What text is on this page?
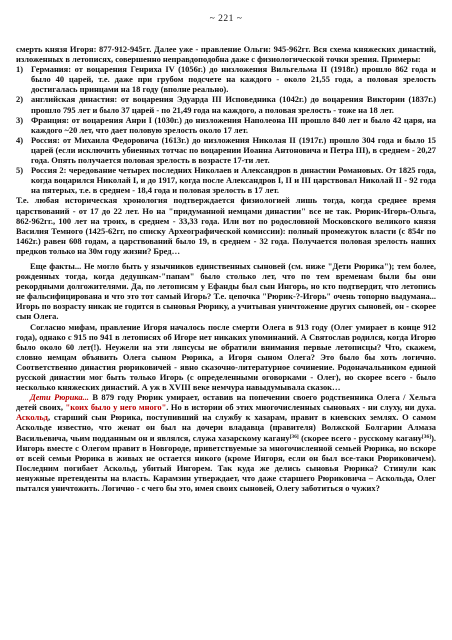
~ 221 ~

смерть князя Игоря: 877-912-945гг. Далее уже - правление Ольги: 945-962гг. Вся схема княжеских династий, изложенных в летописях, совершенно неправдоподобна даже с физиологической точки зрения. Примеры:

1) Германия: от воцарения Генриха IV (1056г.) до низложения Вильгельма II (1918г.) прошло 862 года и было 40 царей, т.е. даже при грубом подсчете на каждого - около 21,55 года, а половая зрелость достигалась принцами на 18 году (вполне реально).
2) английская династия: от воцарения Эдуарда III Исповедника (1042г.) до воцарения Виктории (1837г.) прошло 795 лет и было 37 царей - по 21,49 года на каждого, а половая зрелость - тоже на 18 лет.
3) Франция: от воцарения Анри I (1030г.) до низложения Наполеона III прошло 840 лет и было 42 царя, на каждого ~20 лет, что дает половую зрелость около 17 лет.
4) Россия: от Михаила Федоровича (1613г.) до низложения Николая II (1917г.) прошло 304 года и было 15 царей (если исключить убиенных тотчас по воцарении Иоанна Антоновича и Петра III), в среднем - 20,27 года. Опять получается половая зрелость в возрасте 17-ти лет.
5) Россия 2: чередование четырех последних Николаев и Александров в династии Романовых. От 1825 года, когда воцарился Николай I, и до 1917, когда после Александров I, II и III царствовал Николай II - 92 года на пятерых, т.е. в среднем - 18,4 года и половая зрелость в 17 лет.

Т.е. любая историческая хронология подтверждается физиологией лишь тогда, когда среднее время царствований - от 17 до 22 лет. Но на "придуманной немцами династии" все не так. Рюрик-Игорь-Ольга, 862-962гг., 100 лет на троих, в среднем - 33,33 года. Или вот по родословной Московского великого князя Василия Темного (1425-62гг, по списку Археографической комиссии): полный промежуток власти (с 854г по 1462г.) равен 608 годам, а царствований было 19, в среднем - 32 года. Получается половая зрелость наших предков только на 30м году жизни? Бред…

Еще факты... Не могло быть у язычников единственных сыновей (см. ниже "Дети Рюрика"); тем более, рожденных тогда, когда дедушкам-"папам" было столько лет, что по тем временам были бы они рекордными долгожителями. Да, по летописям у Ефанды был сын Ингорь, но кто подтвердит, что летопись не фальсифицирована и что это тот самый Игорь? Т.е. цепочка "Рюрик-?-Игорь" очень топорно выдумана... Игорь по возрасту никак не годится в сыновья Рюрику, а учитывая уничтожение других сыновей, он - скорее сын Олега.

Согласно мифам, правление Игоря началось после смерти Олега в 913 году (Олег умирает в конце 912 года), однако с 915 по 941 в летописях об Игоре нет никаких упоминаний. А Святослав родился, когда Игорю было около 60 лет(!). Неужели на эти ляпсусы не обратили внимания первые летописцы? Что, скажем, словно немцам объявить Олега сыном Рюрика, а Игоря сыном Олега? Это было бы хоть логично. Соответственно династия рюриковичей - явно сказочно-литературное сочинение. Родоначальником единой русской династии мог быть только Игорь (с определенными оговорками - Олег), но скорее всего - было несколько княжеских династий. А уж в XVIII веке немчура навыдумывала сказок…

Дети Рюрика... В 879 году Рюрик умирает, оставив на попечении своего родственника Олега / Хельга детей своих, "коих было у него много". Но в истории об этих многочисленных сыновьях - ни слуху, ни духа. Аскольд, старший сын Рюрика, поступивший на службу к хазарам, правит в киевских землях. О самом Аскольде известно, что женат он был на дочери владавца (правителя) Волжской Болгарии Алмаза Васильевича, чьим подданным он и являлся, служа хазарскому кагану[36] (скорее всего - русскому кагану[36]). Ингорь вместе с Олегом правит в Новгороде, приветствуемые за многочисленной семьей Рюрика, но вскоре от всей семьи Рюрика в живых не остается никого (кроме Ингоря, если он был все-таки Рюриковичем). Последним погибает Аскольд, убитый Ингорем. Так куда же делись сыновья Рюрика? Стинули как ненужные претенденты на власть. Карамзин утверждает, что даже старшего Рюриковича – Аскольда, Олег пытался уничтожить. Логично - с чего бы это, имея своих сыновей, Олегу заботиться о чужих?
